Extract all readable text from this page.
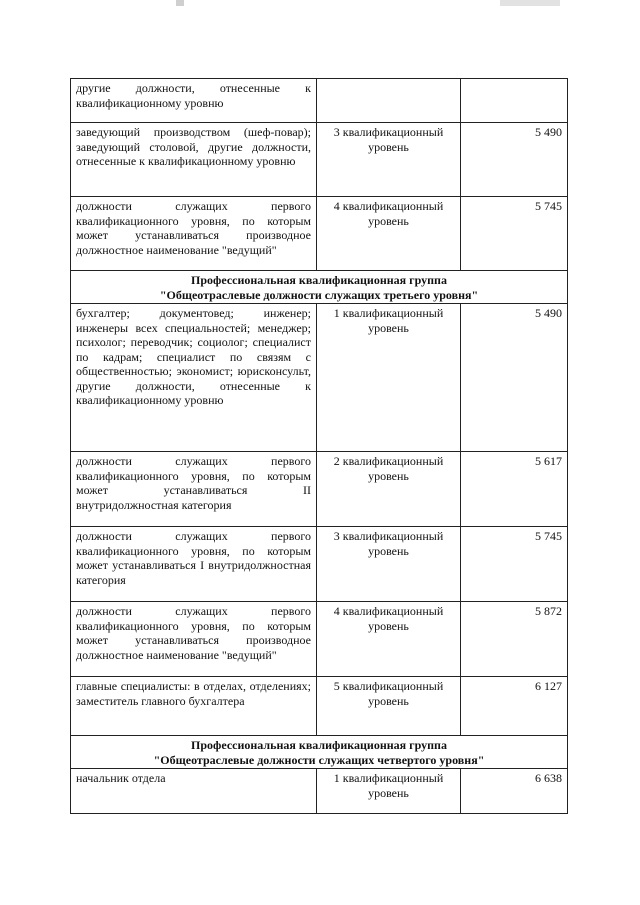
другие должности, отнесенные к квалификационному уровню		
заведующий производством (шеф-повар); заведующий столовой, другие должности, отнесенные к квалификационному уровню	3 квалификационный уровень	5 490
должности служащих первого квалификационного уровня, по которым может устанавливаться производное должностное наименование "ведущий"	4 квалификационный уровень	5 745

Профессиональная квалификационная группа
"Общеотраслевые должности служащих третьего уровня"		

бухгалтер; документовед; инженер; инженеры всех специальностей; менеджер; психолог; переводчик; социолог; специалист по кадрам; специалист по связям с общественностью; экономист; юрисконсульт, другие должности, отнесенные к квалификационному уровню	1 квалификационный уровень	5 490
должности служащих первого квалификационного уровня, по которым может устанавливаться II внутридолжностная категория	2 квалификационный уровень	5 617
должности служащих первого квалификационного уровня, по которым может устанавливаться I внутридолжностная категория	3 квалификационный уровень	5 745
должности служащих первого квалификационного уровня, по которым может устанавливаться производное должностное наименование "ведущий"	4 квалификационный уровень	5 872
главные специалисты: в отделах, отделениях; заместитель главного бухгалтера	5 квалификационный уровень	6 127

Профессиональная квалификационная группа
"Общеотраслевые должности служащих четвертого уровня"		

начальник отдела	1 квалификационный уровень	6 638
